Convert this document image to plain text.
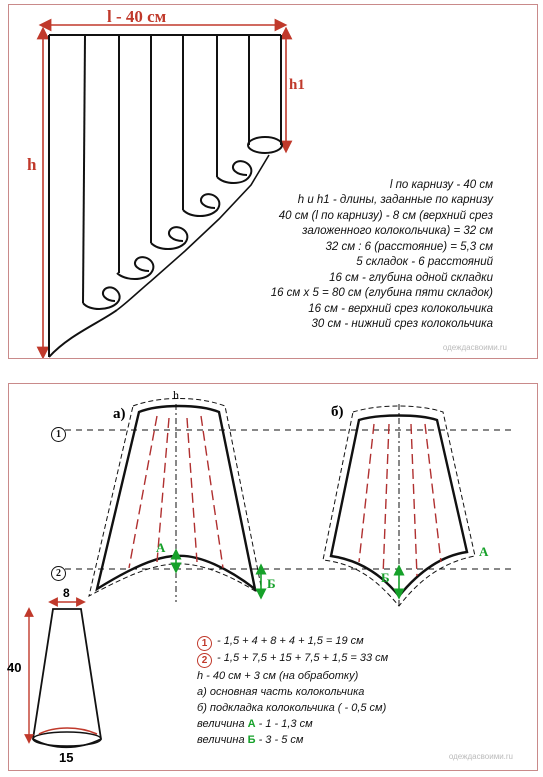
l - 40 см
h
h1
l по карнизу - 40 см
h и h1 - длины, заданные по карнизу
40 см (l по карнизу) - 8 см (верхний срез
заложенного колокольчика) = 32 см
32 см : 6 (расстояние) = 5,3 см
5 складок - 6 расстояний
16 см - глубина одной складки
16 см х 5 = 80 см (глубина пяти складок)
16 см - верхний срез колокольчика
30 см - нижний срез колокольчика
одеждасвоими.ru
1
2
а)	б)
h
А
Б
А
Б
8
40
15
1 - 1,5 + 4 + 8 + 4 + 1,5 = 19 см
2 - 1,5 + 7,5 + 15 + 7,5 + 1,5 = 33 см
h - 40 см + 3 см (на обработку)
а) основная часть колокольчика
б) подкладка колокольчика ( - 0,5 см)
величина А - 1 - 1,3 см
величина Б - 3 - 5 см
одеждасвоими.ru
